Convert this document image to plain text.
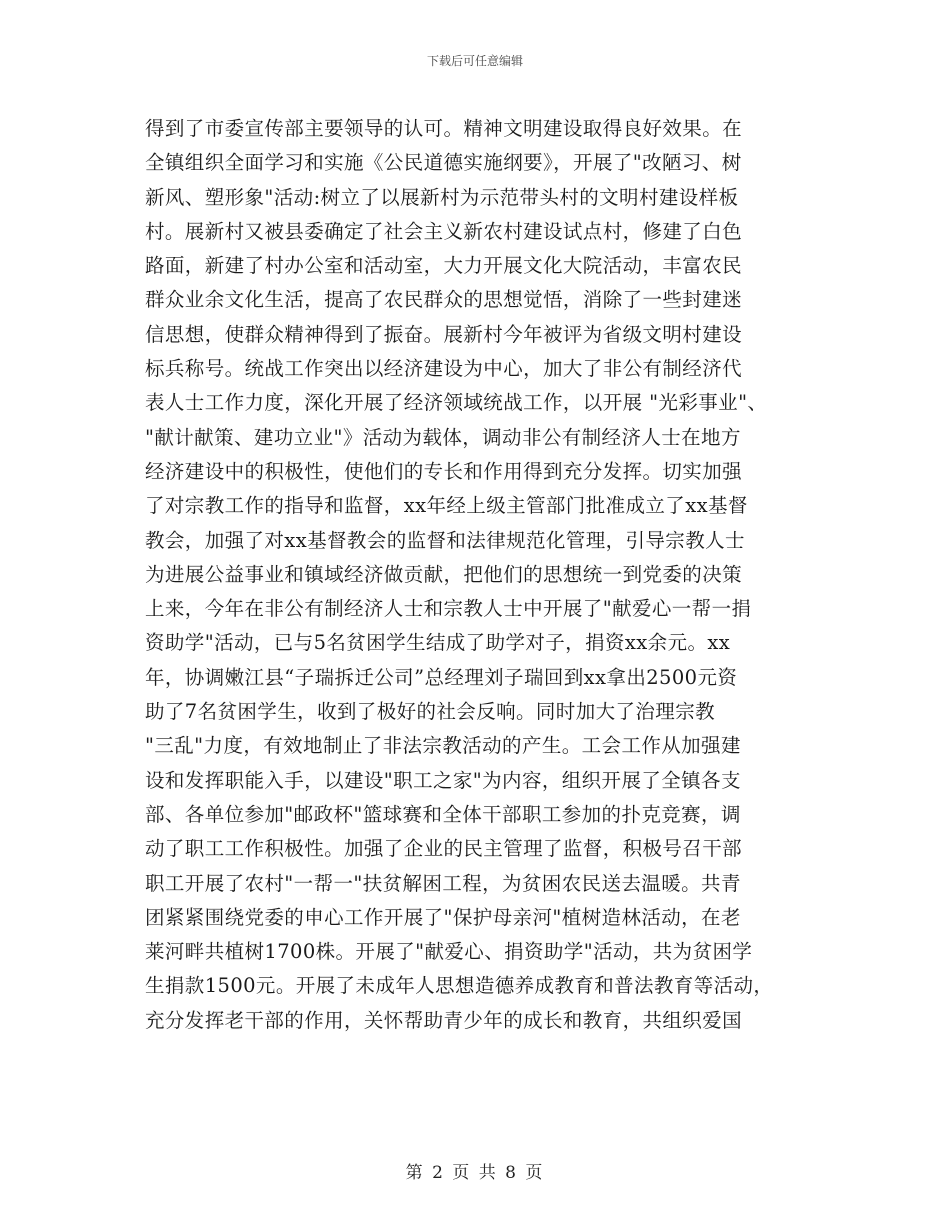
下载后可任意编辑
得到了市委宣传部主要领导的认可。精神文明建设取得良好效果。在
全镇组织全面学习和实施《公民道德实施纲要》，开展了"改陋习、树
新风、塑形象"活动:树立了以展新村为示范带头村的文明村建设样板
村。展新村又被县委确定了社会主义新农村建设试点村，修建了白色
路面，新建了村办公室和活动室，大力开展文化大院活动，丰富农民
群众业余文化生活，提高了农民群众的思想觉悟，消除了一些封建迷
信思想，使群众精神得到了振奋。展新村今年被评为省级文明村建设
标兵称号。统战工作突出以经济建设为中心，加大了非公有制经济代
表人士工作力度，深化开展了经济领域统战工作，以开展 "光彩事业"、
"献计献策、建功立业"》活动为载体，调动非公有制经济人士在地方
经济建设中的积极性，使他们的专长和作用得到充分发挥。切实加强
了对宗教工作的指导和监督，xx年经上级主管部门批准成立了xx基督
教会，加强了对xx基督教会的监督和法律规范化管理，引导宗教人士
为进展公益事业和镇域经济做贡献，把他们的思想统一到党委的决策
上来，今年在非公有制经济人士和宗教人士中开展了"献爱心一帮一捐
资助学"活动，已与5名贫困学生结成了助学对子，捐资xx余元。xx
年，协调嫩江县“子瑞拆迁公司”总经理刘子瑞回到xx拿出2500元资
助了7名贫困学生，收到了极好的社会反响。同时加大了治理宗教
"三乱"力度，有效地制止了非法宗教活动的产生。工会工作从加强建
设和发挥职能入手，以建设"职工之家"为内容，组织开展了全镇各支
部、各单位参加"邮政杯"篮球赛和全体干部职工参加的扑克竞赛，调
动了职工工作积极性。加强了企业的民主管理了监督，积极号召干部
职工开展了农村"一帮一"扶贫解困工程，为贫困农民送去温暖。共青
团紧紧围绕党委的申心工作开展了"保护母亲河"植树造林活动，在老
莱河畔共植树1700株。开展了"献爱心、捐资助学"活动，共为贫困学
生捐款1500元。开展了未成年人思想造德养成教育和普法教育等活动，
充分发挥老干部的作用，关怀帮助青少年的成长和教育，共组织爱国
第 2 页 共 8 页
